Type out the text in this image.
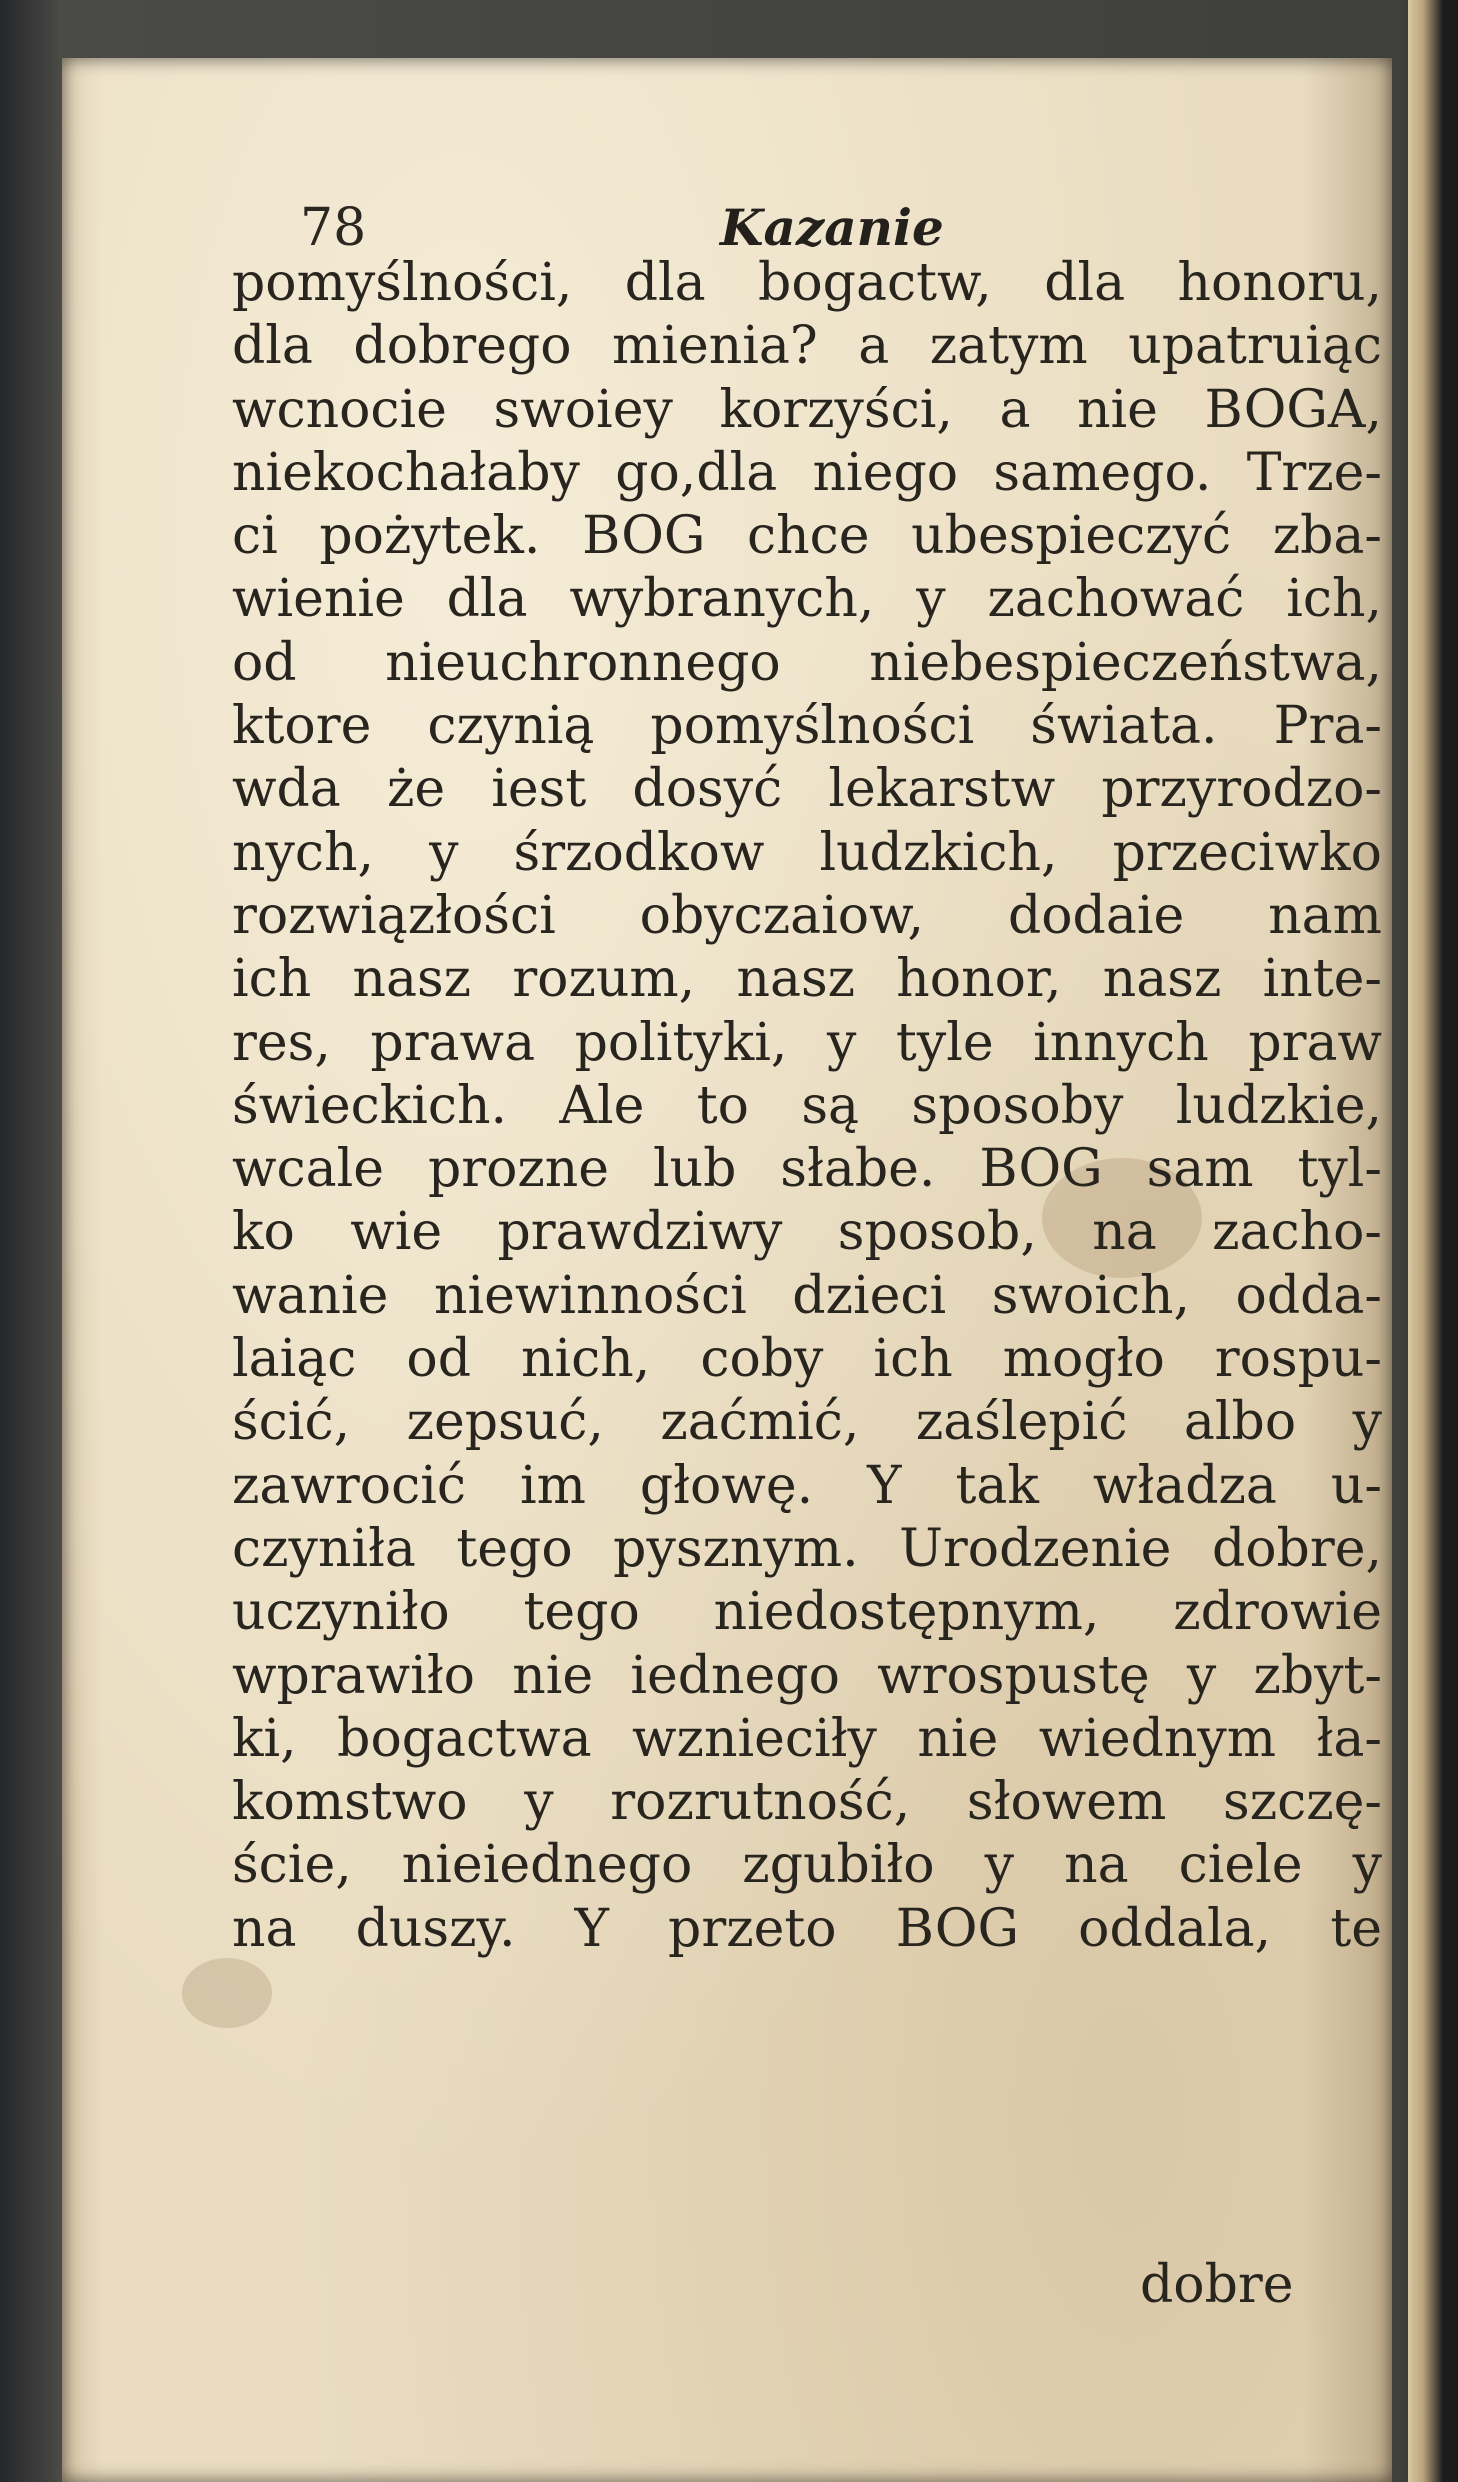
78	Kazanie
pomyślności, dla bogactw, dla honoru,
dla dobrego mienia? a zatym upatruiąc
wcnocie swoiey korzyści, a nie BOGA,
niekochałaby go,dla niego samego. Trze-
ci pożytek. BOG chce ubespieczyć zba-
wienie dla wybranych, y zachować ich,
od nieuchronnego niebespieczeństwa,
ktore czynią pomyślności świata. Pra-
wda że iest dosyć lekarstw przyrodzo-
nych, y śrzodkow ludzkich, przeciwko
rozwiązłości obyczaiow, dodaie nam
ich nasz rozum, nasz honor, nasz inte-
res, prawa polityki, y tyle innych praw
świeckich. Ale to są sposoby ludzkie,
wcale prozne lub słabe. BOG sam tyl-
ko wie prawdziwy sposob, na zacho-
wanie niewinności dzieci swoich, odda-
laiąc od nich, coby ich mogło rospu-
ścić, zepsuć, zaćmić, zaślepić albo y
zawrocić im głowę. Y tak władza u-
czyniła tego pysznym. Urodzenie dobre,
uczyniło tego niedostępnym, zdrowie
wprawiło nie iednego wrospustę y zbyt-
ki, bogactwa wznieciły nie wiednym ła-
komstwo y rozrutność, słowem szczę-
ście, nieiednego zgubiło y na ciele y
na duszy. Y przeto BOG oddala, te
dobre
